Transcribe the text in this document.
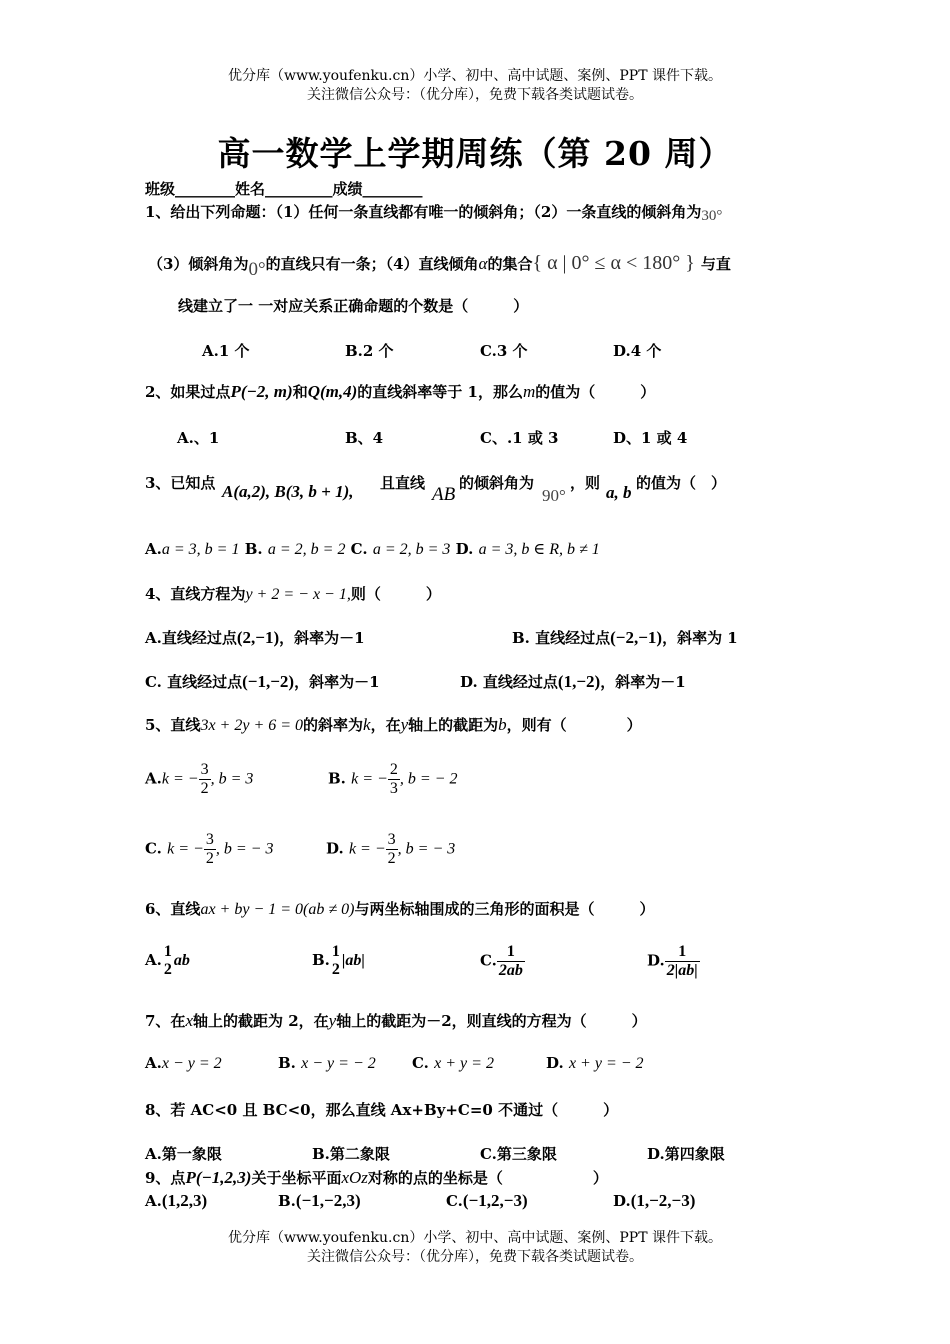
优分库（www.youfenku.cn）小学、初中、高中试题、案例、PPT 课件下载。
关注微信公众号：（优分库），免费下载各类试题试卷。
高一数学上学期周练（第 20 周）
班级________姓名_________成绩________
1、给出下列命题：（1）任何一条直线都有唯一的倾斜角；（2）一条直线的倾斜角为30°
（3）倾斜角为0°的直线只有一条；（4）直线倾角α的集合{ α | 0° ≤ α < 180° } 与直
线建立了一 一对应关系正确命题的个数是（　　　）
A.1 个	B.2 个	C.3 个	D.4 个
2、如果过点P(−2, m)和Q(m,4)的直线斜率等于 1，那么m的值为（　　　）
A.、1	B、4	C、.1 或 3	D、1 或 4
3、已知点 A(a,2), B(3, b + 1), 且直线
AB
的倾斜角为
90°
，则 a, b 的值为（　）
A.a = 3, b = 1 B. a = 2, b = 2 C. a = 2, b = 3 D. a = 3, b ∈ R, b ≠ 1
4、直线方程为y + 2 = − x − 1,则（　　　）
A.直线经过点(2,−1)，斜率为－1	B. 直线经过点(−2,−1)，斜率为 1
C. 直线经过点(−1,−2)，斜率为－1	D. 直线经过点(1,−2)，斜率为－1
5、直线3x + 2y + 6 = 0的斜率为k，在y轴上的截距为b，则有（　　　　）
A.k = − $\frac{3}{2}$ , b = 3	B. k = − $\frac{2}{3}$ , b = − 2
C. k = − $\frac{3}{2}$ , b = − 3	D. k = − $\frac{3}{2}$ , b = − 3
6、直线ax + by − 1 = 0(ab ≠ 0)与两坐标轴围成的三角形的面积是（　　　）
A. 1
2
ab	B. 1
2
|ab|	C. $\frac{1}{2ab}$	D. $\frac{1}{2|ab|}$
7、在x轴上的截距为 2，在y轴上的截距为－2，则直线的方程为（　　　）
A.x − y = 2	B. x − y = − 2 C. x + y = 2	D. x + y = − 2
8、若 AC<0 且 BC<0，那么直线 Ax+By+C=0 不通过（　　　）
A.第一象限	B.第二象限	C.第三象限	D.第四象限
9、点P(−1,2,3)关于坐标平面xOz对称的点的坐标是（　　　　　　）
A.(1,2,3)	B.(−1,−2,3)	C.(−1,2,−3)	D.(1,−2,−3)
优分库（www.youfenku.cn）小学、初中、高中试题、案例、PPT 课件下载。
关注微信公众号：（优分库），免费下载各类试题试卷。
